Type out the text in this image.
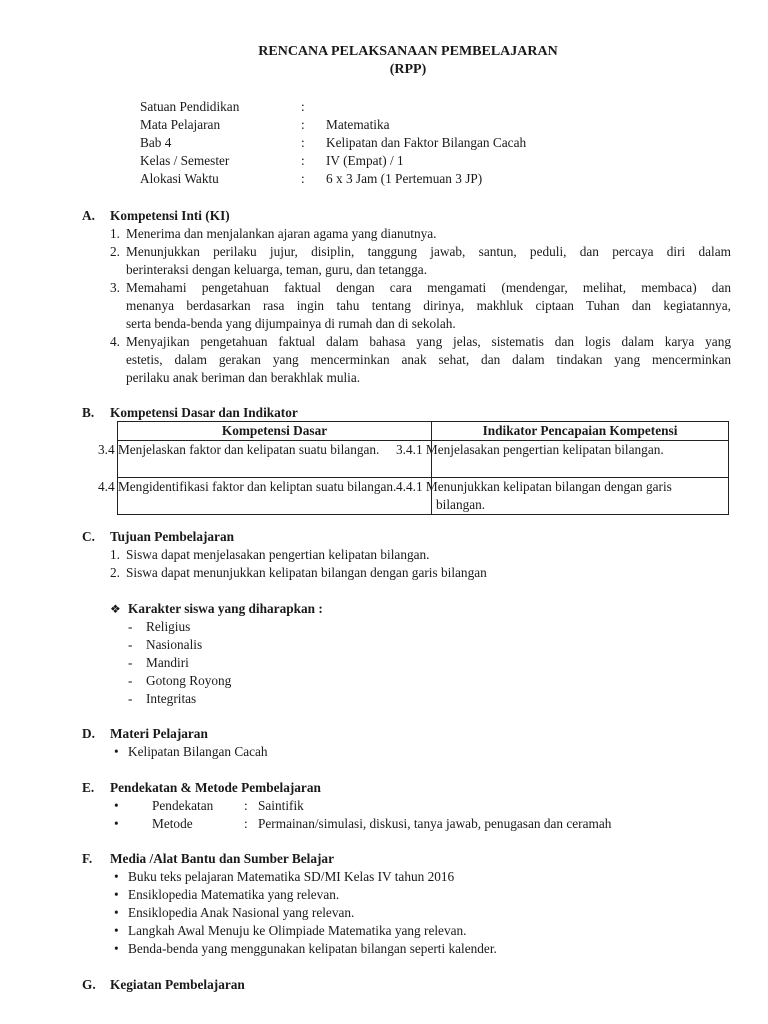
RENCANA PELAKSANAAN PEMBELAJARAN
(RPP)
Satuan Pendidikan	:
Mata Pelajaran	: Matematika
Bab 4	: Kelipatan dan Faktor Bilangan Cacah
Kelas / Semester	: IV (Empat) / 1
Alokasi Waktu	: 6 x 3 Jam (1 Pertemuan 3 JP)
A. Kompetensi Inti (KI)
1. Menerima dan menjalankan ajaran agama yang dianutnya.
2. Menunjukkan perilaku jujur, disiplin, tanggung jawab, santun, peduli, dan percaya diri dalam
berinteraksi dengan keluarga, teman, guru, dan tetangga.
3. Memahami pengetahuan faktual dengan cara mengamati (mendengar, melihat, membaca) dan
menanya berdasarkan rasa ingin tahu tentang dirinya, makhluk ciptaan Tuhan dan kegiatannya,
serta benda-benda yang dijumpainya di rumah dan di sekolah.
4. Menyajikan pengetahuan faktual dalam bahasa yang jelas, sistematis dan logis dalam karya yang
estetis, dalam gerakan yang mencerminkan anak sehat, dan dalam tindakan yang mencerminkan
perilaku anak beriman dan berakhlak mulia.
B. Kompetensi Dasar dan Indikator
Kompetensi Dasar	Indikator Pencapaian Kompetensi
3.4 Menjelaskan faktor dan kelipatan suatu bilangan.	3.4.1 Menjelasakan pengertian kelipatan bilangan.
4.4 Mengidentifikasi faktor dan keliptan suatu bilangan.	4.4.1 Menunjukkan kelipatan bilangan dengan garis bilangan.
C. Tujuan Pembelajaran
1. Siswa dapat menjelasakan pengertian kelipatan bilangan.
2. Siswa dapat menunjukkan kelipatan bilangan dengan garis bilangan
❖ Karakter siswa yang diharapkan :
- Religius
- Nasionalis
- Mandiri
- Gotong Royong
- Integritas
D. Materi Pelajaran
• Kelipatan Bilangan Cacah
E. Pendekatan & Metode Pembelajaran
•	Pendekatan : Saintifik
•	Metode	: Permainan/simulasi, diskusi, tanya jawab, penugasan dan ceramah
F. Media /Alat Bantu dan Sumber Belajar
• Buku teks pelajaran Matematika SD/MI Kelas IV tahun 2016
• Ensiklopedia Matematika yang relevan.
• Ensiklopedia Anak Nasional yang relevan.
• Langkah Awal Menuju ke Olimpiade Matematika yang relevan.
• Benda-benda yang menggunakan kelipatan bilangan seperti kalender.
G. Kegiatan Pembelajaran
